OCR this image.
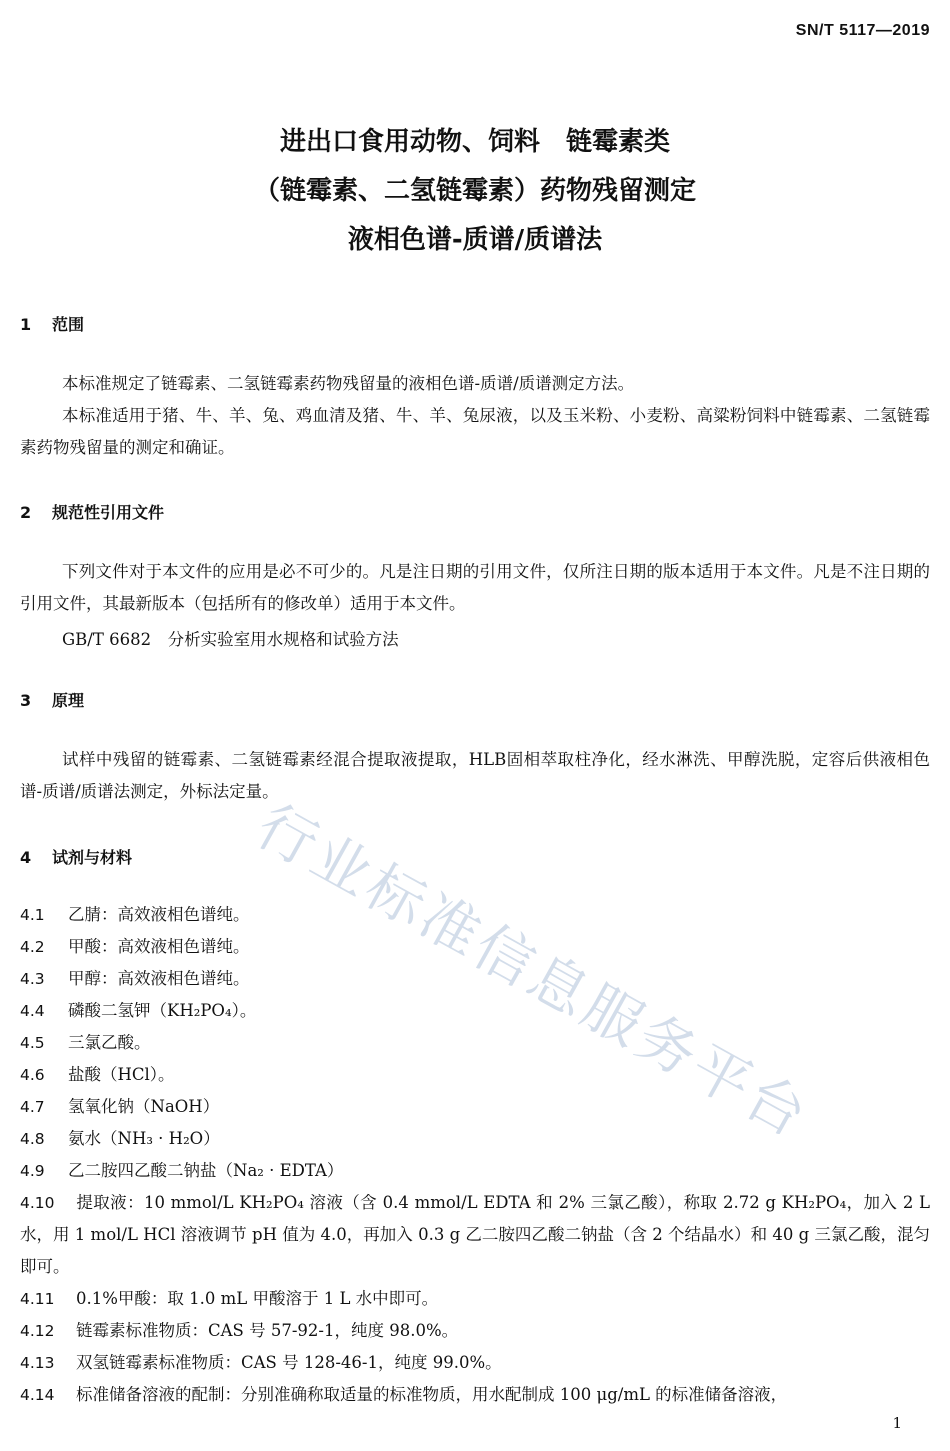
SN/T 5117—2019
进出口食用动物、饲料　链霉素类
（链霉素、二氢链霉素）药物残留测定
液相色谱-质谱/质谱法
1 范围
本标准规定了链霉素、二氢链霉素药物残留量的液相色谱-质谱/质谱测定方法。
本标准适用于猪、牛、羊、兔、鸡血清及猪、牛、羊、兔尿液，以及玉米粉、小麦粉、高粱粉饲料中链霉素、二氢链霉素药物残留量的测定和确证。
2 规范性引用文件
下列文件对于本文件的应用是必不可少的。凡是注日期的引用文件，仅所注日期的版本适用于本文件。凡是不注日期的引用文件，其最新版本（包括所有的修改单）适用于本文件。
GB/T 6682　 分析实验室用水规格和试验方法
3 原理
试样中残留的链霉素、二氢链霉素经混合提取液提取，HLB固相萃取柱净化，经水淋洗、甲醇洗脱，定容后供液相色谱-质谱/质谱法测定，外标法定量。
4 试剂与材料
4.1 乙腈：高效液相色谱纯。
4.2 甲酸：高效液相色谱纯。
4.3 甲醇：高效液相色谱纯。
4.4 磷酸二氢钾（KH₂PO₄）。
4.5 三氯乙酸。
4.6 盐酸（HCl）。
4.7 氢氧化钠（NaOH）
4.8 氨水（NH₃ · H₂O）
4.9 乙二胺四乙酸二钠盐（Na₂ · EDTA）
4.10 提取液：10 mmol/L KH₂PO₄ 溶液（含 0.4 mmol/L EDTA 和 2% 三氯乙酸），称取 2.72 g KH₂PO₄，加入 2 L 水，用 1 mol/L HCl 溶液调节 pH 值为 4.0，再加入 0.3 g 乙二胺四乙酸二钠盐（含 2 个结晶水）和 40 g 三氯乙酸，混匀即可。
4.11 0.1%甲酸：取 1.0 mL 甲酸溶于 1 L 水中即可。
4.12 链霉素标准物质：CAS 号 57-92-1，纯度 98.0%。
4.13 双氢链霉素标准物质：CAS 号 128-46-1，纯度 99.0%。
4.14 标准储备溶液的配制：分别准确称取适量的标准物质，用水配制成 100 μg/mL 的标准储备溶液，
行业标准信息服务平台
1
